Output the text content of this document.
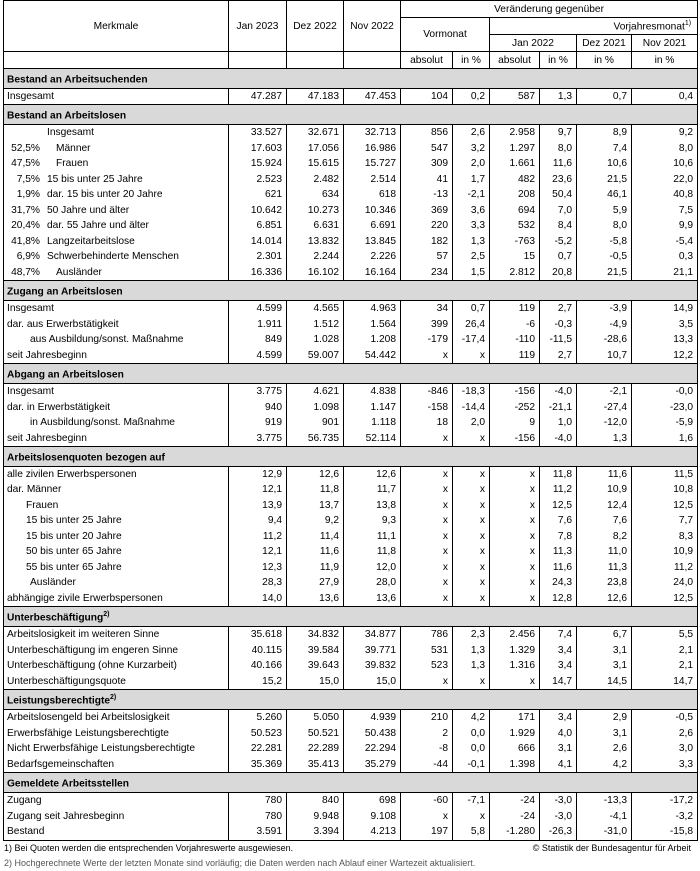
Merkmale	Jan 2023	Dez 2022	Nov 2022	Veränderung gegenüber					
				Vormonat		Vorjahresmonat$^{1)}$
						Jan 2022		Dez 2021	Nov 2021
				absolut	in %	absolut	in %	in %	in %
Bestand an Arbeitsuchenden									
Insgesamt	47.287	47.183	47.453	104	0,2	587	1,3	0,7	0,4
Bestand an Arbeitslosen									
Insgesamt	33.527	32.671	32.713	856	2,6	2.958	9,7	8,9	9,2
52,5% Männer	17.603	17.056	16.986	547	3,2	1.297	8,0	7,4	8,0
47,5% Frauen	15.924	15.615	15.727	309	2,0	1.661	11,6	10,6	10,6
7,5% 15 bis unter 25 Jahre	2.523	2.482	2.514	41	1,7	482	23,6	21,5	22,0
1,9% dar. 15 bis unter 20 Jahre	621	634	618	-13	-2,1	208	50,4	46,1	40,8
31,7% 50 Jahre und älter	10.642	10.273	10.346	369	3,6	694	7,0	5,9	7,5
20,4% dar. 55 Jahre und älter	6.851	6.631	6.691	220	3,3	532	8,4	8,0	9,9
41,8% Langzeitarbeitslose	14.014	13.832	13.845	182	1,3	-763	-5,2	-5,8	-5,4
6,9% Schwerbehinderte Menschen	2.301	2.244	2.226	57	2,5	15	0,7	-0,5	0,3
48,7% Ausländer	16.336	16.102	16.164	234	1,5	2.812	20,8	21,5	21,1
Zugang an Arbeitslosen									
Insgesamt	4.599	4.565	4.963	34	0,7	119	2,7	-3,9	14,9
dar. aus Erwerbstätigkeit	1.911	1.512	1.564	399	26,4	-6	-0,3	-4,9	3,5
aus Ausbildung/sonst. Maßnahme	849	1.028	1.208	-179	-17,4	-110	-11,5	-28,6	13,3
seit Jahresbeginn	4.599	59.007	54.442	x	x	119	2,7	10,7	12,2
Abgang an Arbeitslosen									
Insgesamt	3.775	4.621	4.838	-846	-18,3	-156	-4,0	-2,1	-0,0
dar. in Erwerbstätigkeit	940	1.098	1.147	-158	-14,4	-252	-21,1	-27,4	-23,0
in Ausbildung/sonst. Maßnahme	919	901	1.118	18	2,0	9	1,0	-12,0	-5,9
seit Jahresbeginn	3.775	56.735	52.114	x	x	-156	-4,0	1,3	1,6
Arbeitslosenquoten bezogen auf									
alle zivilen Erwerbspersonen	12,9	12,6	12,6	x	x	x	11,8	11,6	11,5
dar. Männer	12,1	11,8	11,7	x	x	x	11,2	10,9	10,8
Frauen	13,9	13,7	13,8	x	x	x	12,5	12,4	12,5
15 bis unter 25 Jahre	9,4	9,2	9,3	x	x	x	7,6	7,6	7,7
15 bis unter 20 Jahre	11,2	11,4	11,1	x	x	x	7,8	8,2	8,3
50 bis unter 65 Jahre	12,1	11,6	11,8	x	x	x	11,3	11,0	10,9
55 bis unter 65 Jahre	12,3	11,9	12,0	x	x	x	11,6	11,3	11,2
Ausländer	28,3	27,9	28,0	x	x	x	24,3	23,8	24,0
abhängige zivile Erwerbspersonen	14,0	13,6	13,6	x	x	x	12,8	12,6	12,5
Unterbeschäftigung$^{2)}$
Arbeitslosigkeit im weiteren Sinne	35.618	34.832	34.877	786	2,3	2.456	7,4	6,7	5,5
Unterbeschäftigung im engeren Sinne	40.115	39.584	39.771	531	1,3	1.329	3,4	3,1	2,1
Unterbeschäftigung (ohne Kurzarbeit)	40.166	39.643	39.832	523	1,3	1.316	3,4	3,1	2,1
Unterbeschäftigungsquote	15,2	15,0	15,0	x	x	x	14,7	14,5	14,7
Leistungsberechtigte$^{2)}$
Arbeitslosengeld bei Arbeitslosigkeit	5.260	5.050	4.939	210	4,2	171	3,4	2,9	-0,5
Erwerbsfähige Leistungsberechtigte	50.523	50.521	50.438	2	0,0	1.929	4,0	3,1	2,6
Nicht Erwerbsfähige Leistungsberechtigte	22.281	22.289	22.294	-8	0,0	666	3,1	2,6	3,0
Bedarfsgemeinschaften	35.369	35.413	35.279	-44	-0,1	1.398	4,1	4,2	3,3
Gemeldete Arbeitsstellen									
Zugang	780	840	698	-60	-7,1	-24	-3,0	-13,3	-17,2
Zugang seit Jahresbeginn	780	9.948	9.108	x	x	-24	-3,0	-4,1	-3,2
Bestand	3.591	3.394	4.213	197	5,8	-1.280	-26,3	-31,0	-15,8
1) Bei Quoten werden die entsprechenden Vorjahreswerte ausgewiesen.	© Statistik der Bundesagentur für Arbeit
2) Hochgerechnete Werte der letzten Monate sind vorläufig; die Daten werden nach Ablauf einer Wartezeit aktualisiert.
